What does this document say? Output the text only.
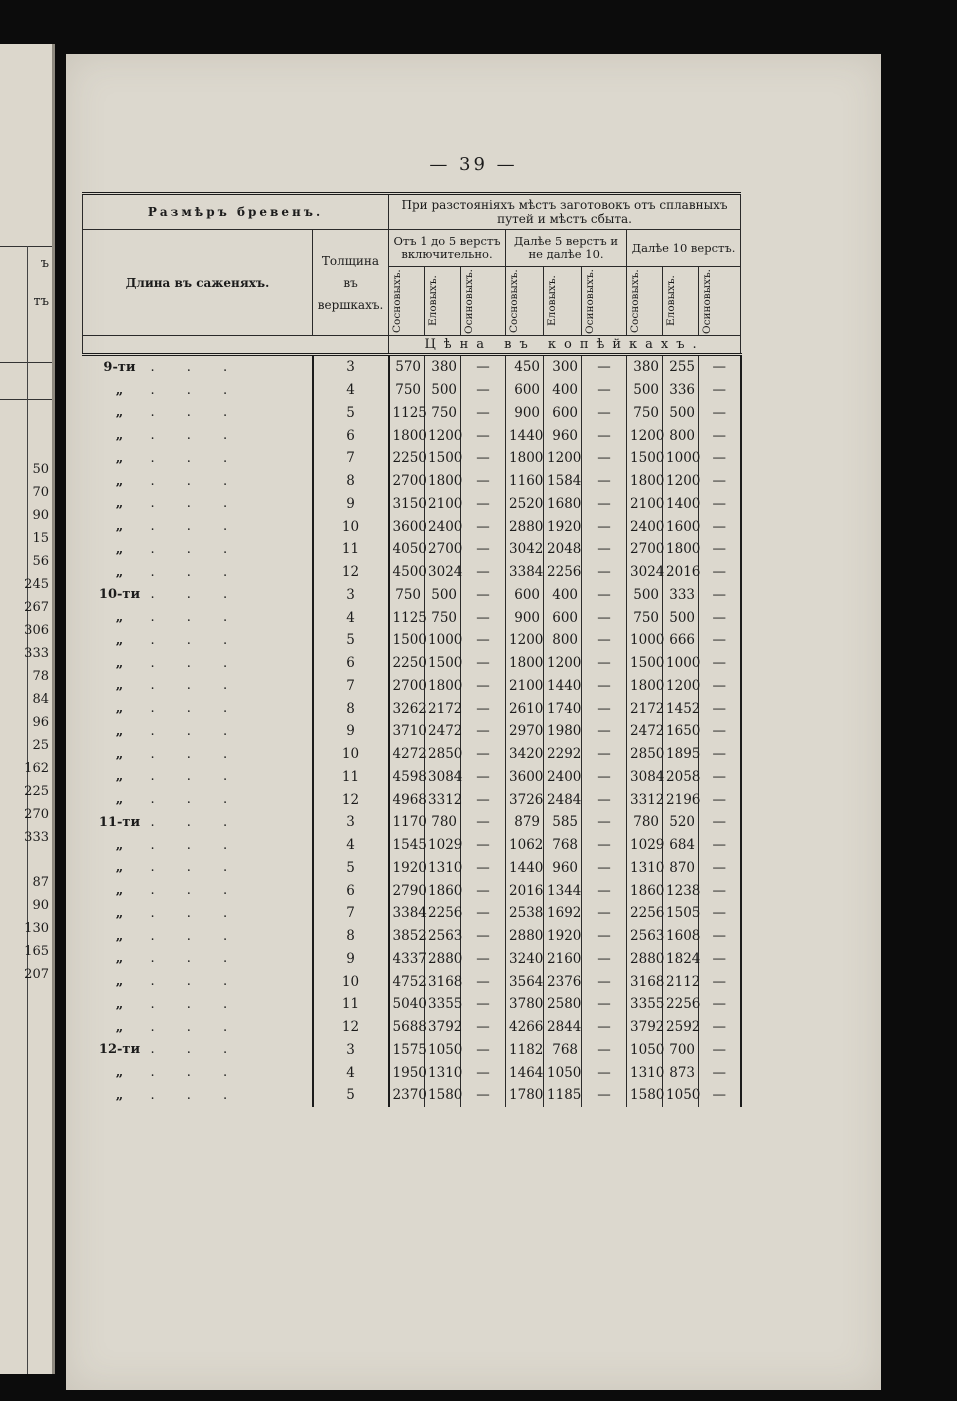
ъ
тъ
50
70
90
15
56
245
267
306
333
78
84
96
25
162
225
270
333
87
90
130
165
207
— 39 —
Размѣръ бревенъ.		При разстояніяхъ мѣстъ заготовокъ отъ сплавныхъ путей и мѣстъ сбыта.								
Длина въ саженяхъ.	Толщина въ вершкахъ.	Отъ 1 до 5 верстъ включительно.			Далѣе 5 верстъ и не далѣе 10.			Далѣе 10 верстъ.		

		Сосновыхъ.	Еловыхъ.	Осиновыхъ.	Сосновыхъ.	Еловыхъ.	Осиновыхъ.	Сосновыхъ.	Еловыхъ.	Осиновыхъ.

		Цѣна въ копѣйкахъ.								
9-ти . . .	3	570	380	—	450	300	—	380	255	—
„ . . .	4	750	500	—	600	400	—	500	336	—
„ . . .	5	1125	750	—	900	600	—	750	500	—
„ . . .	6	1800	1200	—	1440	960	—	1200	800	—
„ . . .	7	2250	1500	—	1800	1200	—	1500	1000	—
„ . . .	8	2700	1800	—	1160	1584	—	1800	1200	—
„ . . .	9	3150	2100	—	2520	1680	—	2100	1400	—
„ . . .	10	3600	2400	—	2880	1920	—	2400	1600	—
„ . . .	11	4050	2700	—	3042	2048	—	2700	1800	—
„ . . .	12	4500	3024	—	3384	2256	—	3024	2016	—
10-ти . . .	3	750	500	—	600	400	—	500	333	—
„ . . .	4	1125	750	—	900	600	—	750	500	—
„ . . .	5	1500	1000	—	1200	800	—	1000	666	—
„ . . .	6	2250	1500	—	1800	1200	—	1500	1000	—
„ . . .	7	2700	1800	—	2100	1440	—	1800	1200	—
„ . . .	8	3262	2172	—	2610	1740	—	2172	1452	—
„ . . .	9	3710	2472	—	2970	1980	—	2472	1650	—
„ . . .	10	4272	2850	—	3420	2292	—	2850	1895	—
„ . . .	11	4598	3084	—	3600	2400	—	3084	2058	—
„ . . .	12	4968	3312	—	3726	2484	—	3312	2196	—
11-ти . . .	3	1170	780	—	879	585	—	780	520	—
„ . . .	4	1545	1029	—	1062	768	—	1029	684	—
„ . . .	5	1920	1310	—	1440	960	—	1310	870	—
„ . . .	6	2790	1860	—	2016	1344	—	1860	1238	—
„ . . .	7	3384	2256	—	2538	1692	—	2256	1505	—
„ . . .	8	3852	2563	—	2880	1920	—	2563	1608	—
„ . . .	9	4337	2880	—	3240	2160	—	2880	1824	—
„ . . .	10	4752	3168	—	3564	2376	—	3168	2112	—
„ . . .	11	5040	3355	—	3780	2580	—	3355	2256	—
„ . . .	12	5688	3792	—	4266	2844	—	3792	2592	—
12-ти . . .	3	1575	1050	—	1182	768	—	1050	700	—
„ . . .	4	1950	1310	—	1464	1050	—	1310	873	—
„ . . .	5	2370	1580	—	1780	1185	—	1580	1050	—
